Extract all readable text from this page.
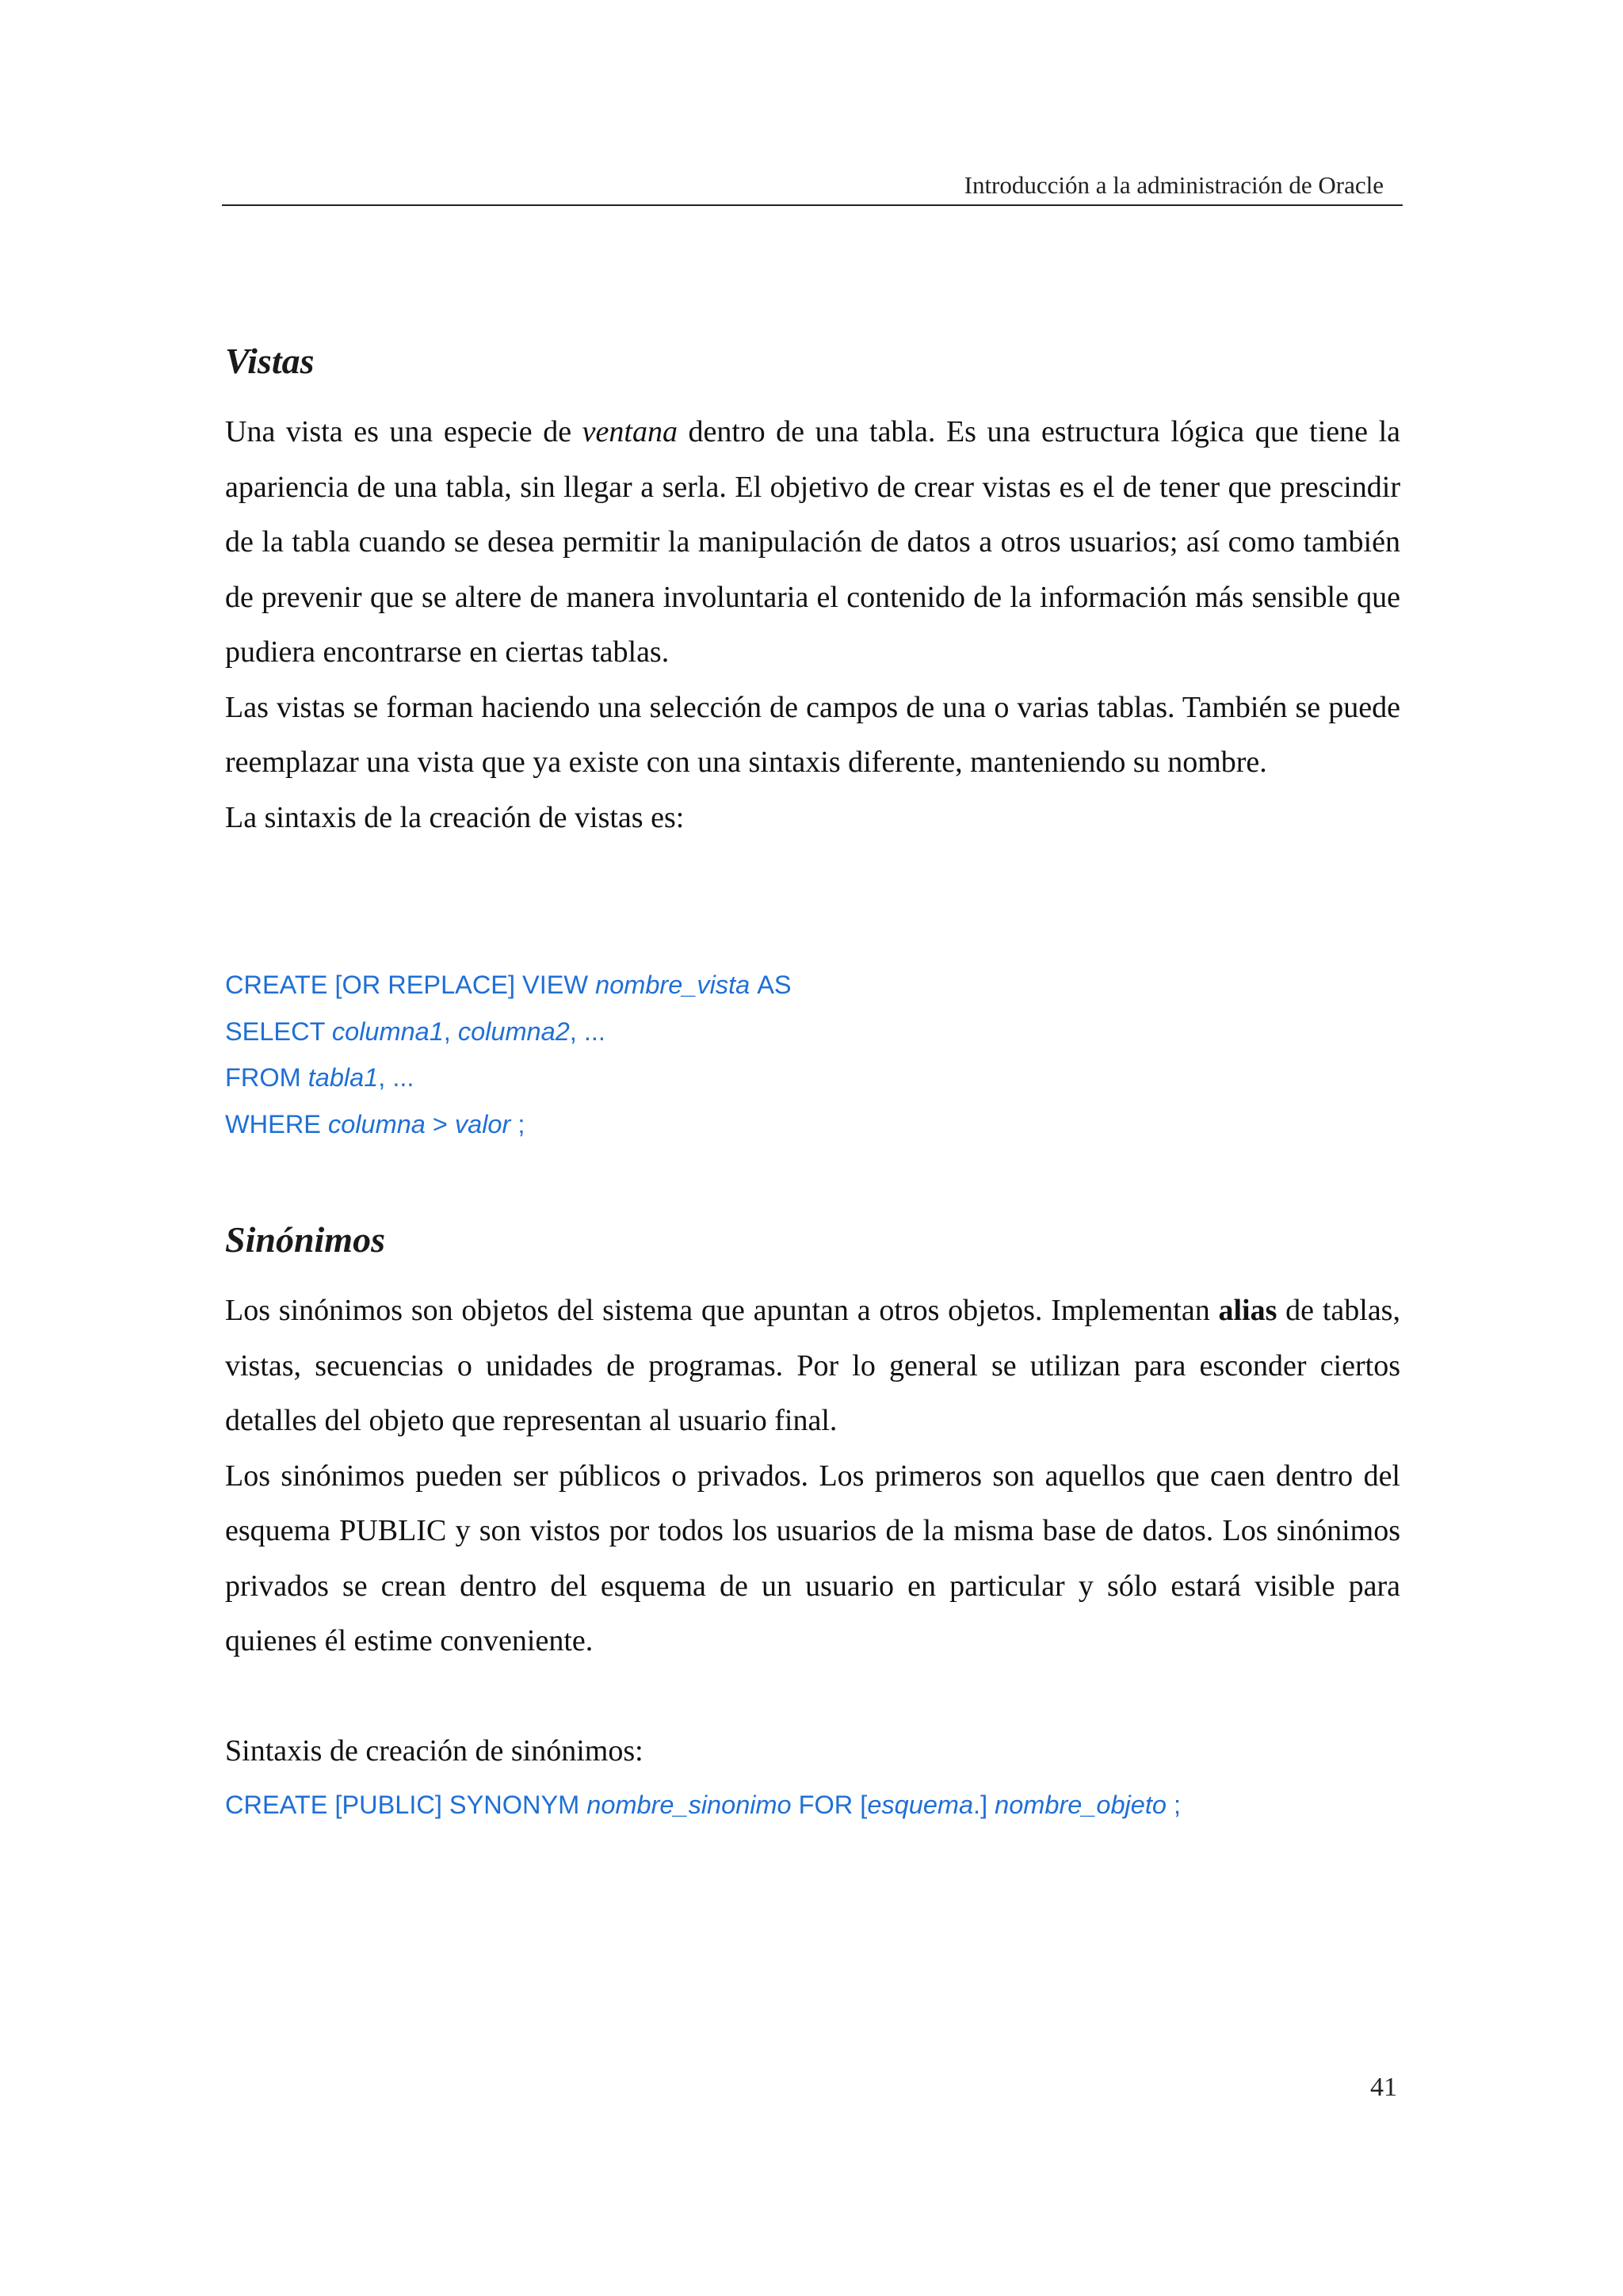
Introducción a la administración de Oracle
Vistas

Una vista es una especie de ventana dentro de una tabla. Es una estructura lógica que tiene la apariencia de una tabla, sin llegar a serla. El objetivo de crear vistas es el de tener que prescindir de la tabla cuando se desea permitir la manipulación de datos a otros usuarios; así como también de prevenir que se altere de manera involuntaria el contenido de la información más sensible que pudiera encontrarse en ciertas tablas.

Las vistas se forman haciendo una selección de campos de una o varias tablas. También se puede reemplazar una vista que ya existe con una sintaxis diferente, manteniendo su nombre.

La sintaxis de la creación de vistas es:

CREATE [OR REPLACE] VIEW nombre_vista AS
SELECT columna1, columna2, ...
FROM tabla1, ...
WHERE columna > valor ;
Sinónimos

Los sinónimos son objetos del sistema que apuntan a otros objetos. Implementan alias de tablas, vistas, secuencias o unidades de programas. Por lo general se utilizan para esconder ciertos detalles del objeto que representan al usuario final.

Los sinónimos pueden ser públicos o privados. Los primeros son aquellos que caen dentro del esquema PUBLIC y son vistos por todos los usuarios de la misma base de datos. Los sinónimos privados se crean dentro del esquema de un usuario en particular y sólo estará visible para quienes él estime conveniente.

Sintaxis de creación de sinónimos:

CREATE [PUBLIC] SYNONYM nombre_sinonimo FOR [esquema.] nombre_objeto ;
41
